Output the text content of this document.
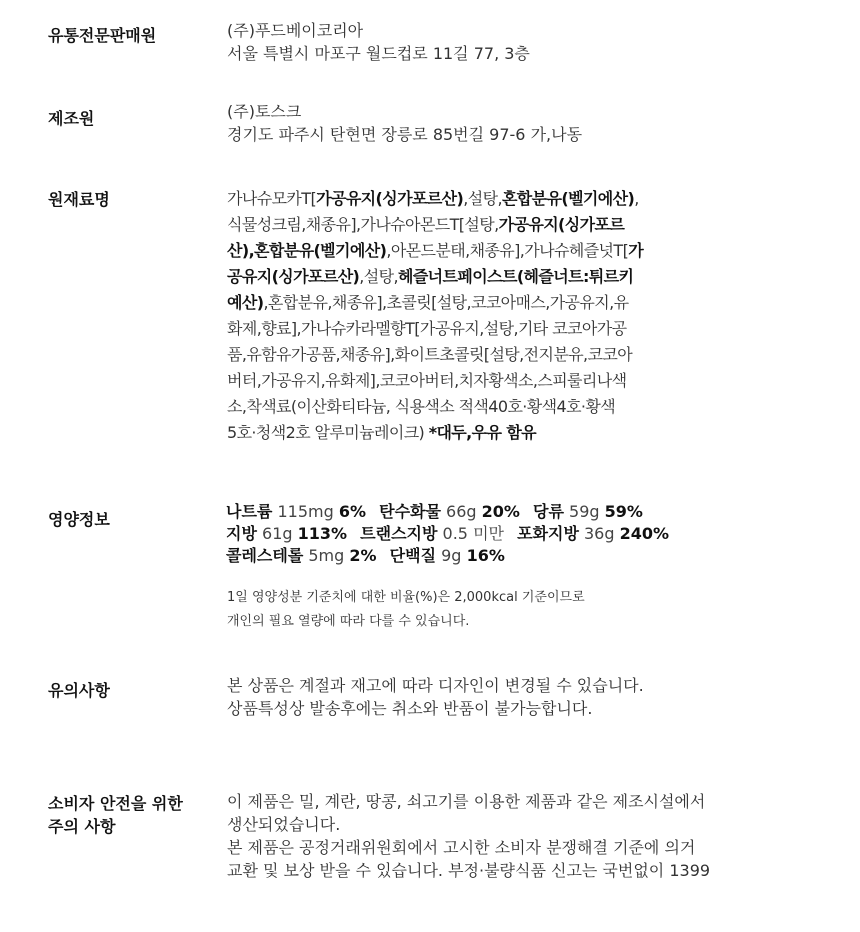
유통전문판매원	(주)푸드베이코리아
서울 특별시 마포구 월드컵로 11길 77, 3층
제조원	(주)토스크
경기도 파주시 탄현면 장릉로 85번길 97-6 가,나동
원재료명	가나슈모카T[가공유지(싱가포르산),설탕,혼합분유(벨기에산),
식물성크림,채종유],가나슈아몬드T[설탕,가공유지(싱가포르
산),혼합분유(벨기에산),아몬드분태,채종유],가나슈헤즐넛T[가
공유지(싱가포르산),설탕,헤즐너트페이스트(헤즐너트:튀르키
예산),혼합분유,채종유],초콜릿[설탕,코코아매스,가공유지,유
화제,향료],가나슈카라멜향T[가공유지,설탕,기타 코코아가공
품,유함유가공품,채종유],화이트초콜릿[설탕,전지분유,코코아
버터,가공유지,유화제],코코아버터,치자황색소,스피룰리나색
소,착색료(이산화티타늄, 식용색소 적색40호·황색4호·황색
5호·청색2호 알루미늄레이크) *대두,우유 함유
영양정보	나트륨 115mg 6% 탄수화물 66g 20% 당류 59g 59%
지방 61g 113% 트랜스지방 0.5 미만 포화지방 36g 240%
콜레스테롤 5mg 2% 단백질 9g 16%
1일 영양성분 기준치에 대한 비율(%)은 2,000kcal 기준이므로
개인의 필요 열량에 따라 다를 수 있습니다.
유의사항	본 상품은 계절과 재고에 따라 디자인이 변경될 수 있습니다.
상품특성상 발송후에는 취소와 반품이 불가능합니다.
소비자 안전을 위한
주의 사항
이 제품은 밀, 계란, 땅콩, 쇠고기를 이용한 제품과 같은 제조시설에서
생산되었습니다.
본 제품은 공정거래위원회에서 고시한 소비자 분쟁해결 기준에 의거
교환 및 보상 받을 수 있습니다. 부정·불량식품 신고는 국번없이 1399
